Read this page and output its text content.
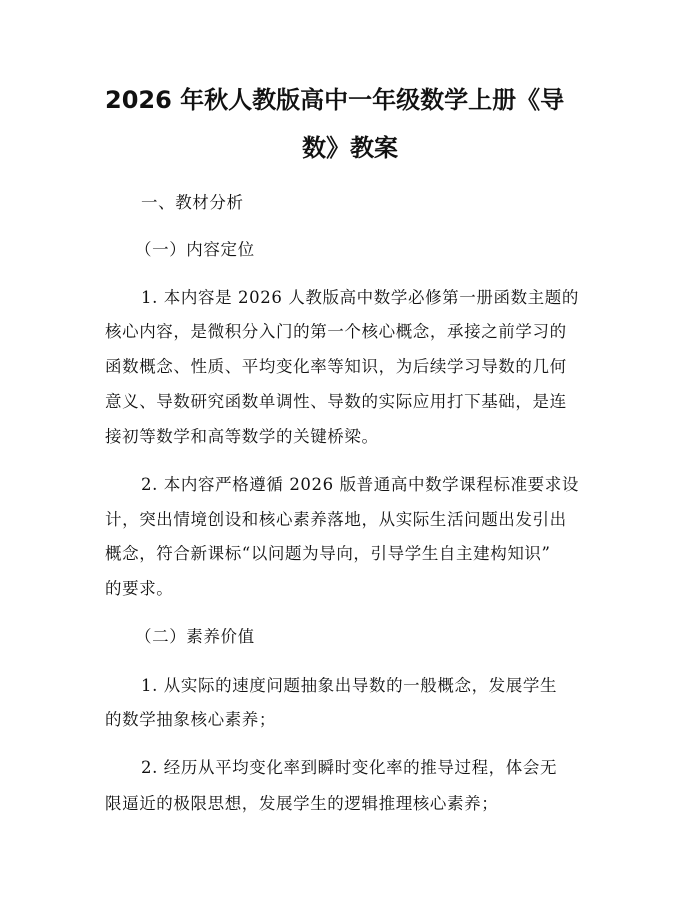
2026 年秋人教版高中一年级数学上册《导
数》教案
一、教材分析
（一）内容定位
1. 本内容是 2026 人教版高中数学必修第一册函数主题的
核心内容，是微积分入门的第一个核心概念，承接之前学习的
函数概念、性质、平均变化率等知识，为后续学习导数的几何
意义、导数研究函数单调性、导数的实际应用打下基础，是连
接初等数学和高等数学的关键桥梁。
2. 本内容严格遵循 2026 版普通高中数学课程标准要求设
计，突出情境创设和核心素养落地，从实际生活问题出发引出
概念，符合新课标“以问题为导向，引导学生自主建构知识”
的要求。
（二）素养价值
1. 从实际的速度问题抽象出导数的一般概念，发展学生
的数学抽象核心素养；
2. 经历从平均变化率到瞬时变化率的推导过程，体会无
限逼近的极限思想，发展学生的逻辑推理核心素养；
